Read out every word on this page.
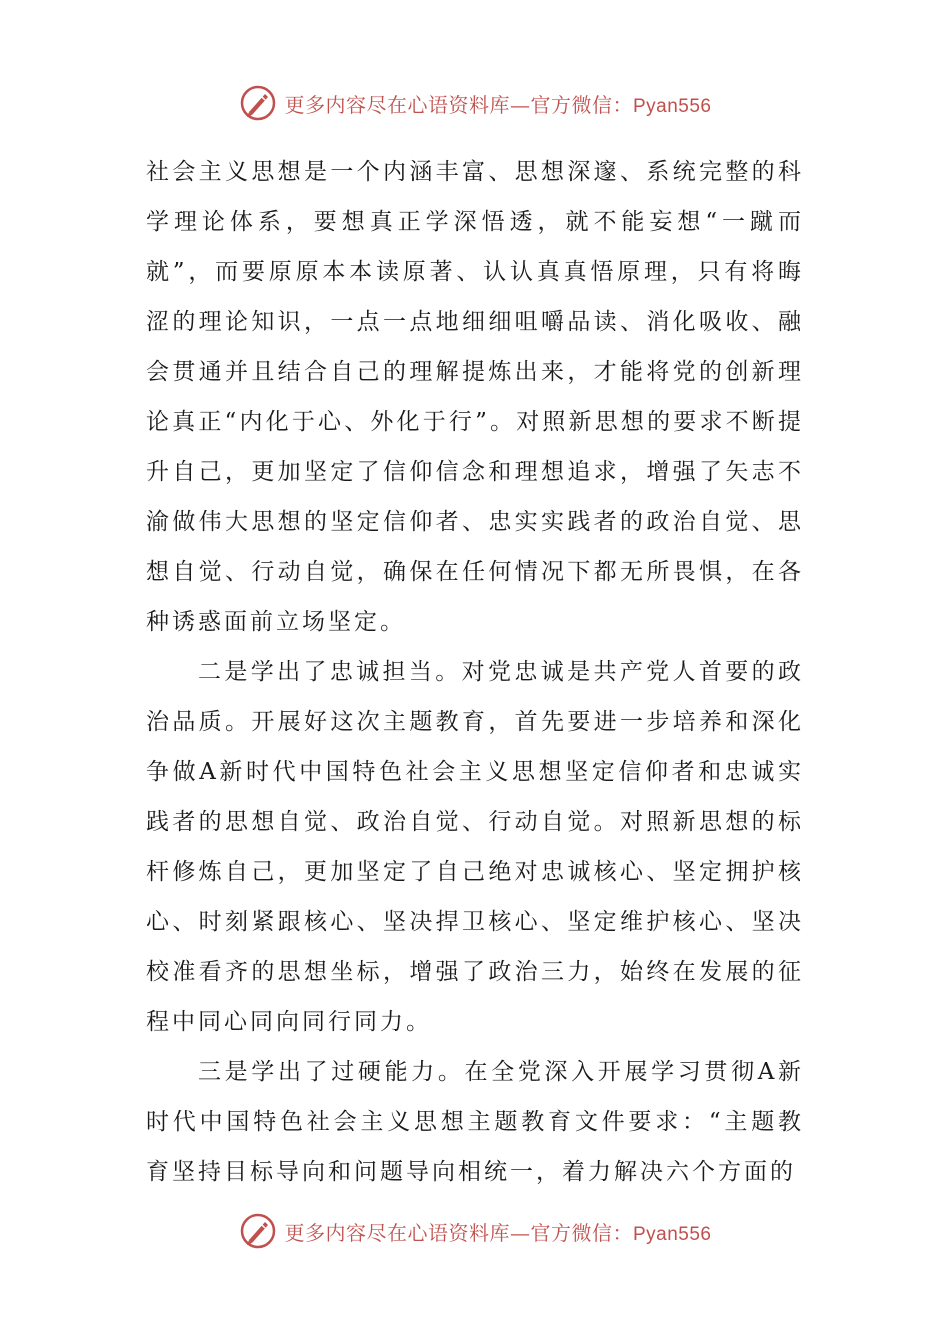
更多内容尽在心语资料库—官方微信：Pyan556

社会主义思想是一个内涵丰富、思想深邃、系统完整的科学理论体系，要想真正学深悟透，就不能妄想“一蹴而就”，而要原原本本读原著、认认真真悟原理，只有将晦涩的理论知识，一点一点地细细咀嚼品读、消化吸收、融会贯通并且结合自己的理解提炼出来，才能将党的创新理论真正“内化于心、外化于行”。对照新思想的要求不断提升自己，更加坚定了信仰信念和理想追求，增强了矢志不渝做伟大思想的坚定信仰者、忠实实践者的政治自觉、思想自觉、行动自觉，确保在任何情况下都无所畏惧，在各种诱惑面前立场坚定。

二是学出了忠诚担当。对党忠诚是共产党人首要的政治品质。开展好这次主题教育，首先要进一步培养和深化争做A新时代中国特色社会主义思想坚定信仰者和忠诚实践者的思想自觉、政治自觉、行动自觉。对照新思想的标杆修炼自己，更加坚定了自己绝对忠诚核心、坚定拥护核心、时刻紧跟核心、坚决捍卫核心、坚定维护核心、坚决校准看齐的思想坐标，增强了政治三力，始终在发展的征程中同心同向同行同力。

三是学出了过硬能力。在全党深入开展学习贯彻A新时代中国特色社会主义思想主题教育文件要求：“主题教育坚持目标导向和问题导向相统一，着力解决六个方面的

更多内容尽在心语资料库—官方微信：Pyan556
